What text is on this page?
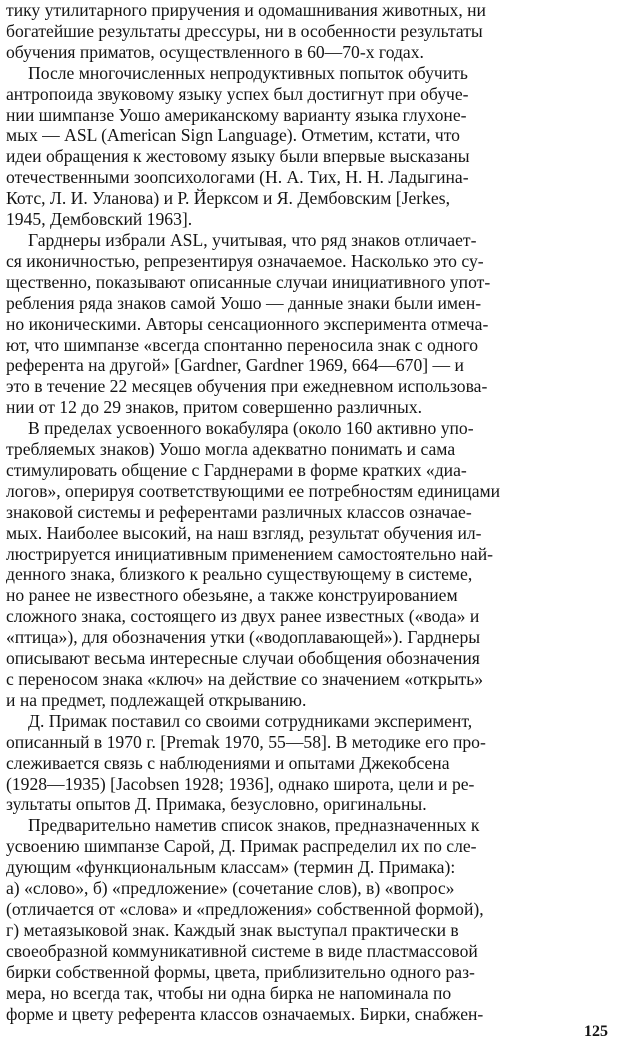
тику утилитарного приручения и одомашнивания животных, ни
богатейшие результаты дрессуры, ни в особенности результаты
обучения приматов, осуществленного в 60—70-х годах.
После многочисленных непродуктивных попыток обучить
антропоида звуковому языку успех был достигнут при обуче-
нии шимпанзе Уошо американскому варианту языка глухоне-
мых — ASL (American Sign Language). Отметим, кстати, что
идеи обращения к жестовому языку были впервые высказаны
отечественными зоопсихологами (Н. А. Тих, Н. Н. Ладыгина-
Котс, Л. И. Уланова) и Р. Йерксом и Я. Дембовским [Jerkes,
1945, Дембовский 1963].
Гарднеры избрали ASL, учитывая, что ряд знаков отличает-
ся иконичностью, репрезентируя означаемое. Насколько это су-
щественно, показывают описанные случаи инициативного упот-
ребления ряда знаков самой Уошо — данные знаки были имен-
но иконическими. Авторы сенсационного эксперимента отмеча-
ют, что шимпанзе «всегда спонтанно переносила знак с одного
референта на другой» [Gardner, Gardner 1969, 664—670] — и
это в течение 22 месяцев обучения при ежедневном использова-
нии от 12 до 29 знаков, притом совершенно различных.
В пределах усвоенного вокабуляра (около 160 активно упо-
требляемых знаков) Уошо могла адекватно понимать и сама
стимулировать общение с Гарднерами в форме кратких «диа-
логов», оперируя соответствующими ее потребностям единицами
знаковой системы и референтами различных классов означае-
мых. Наиболее высокий, на наш взгляд, результат обучения ил-
люстрируется инициативным применением самостоятельно най-
денного знака, близкого к реально существующему в системе,
но ранее не известного обезьяне, а также конструированием
сложного знака, состоящего из двух ранее известных («вода» и
«птица»), для обозначения утки («водоплавающей»). Гарднеры
описывают весьма интересные случаи обобщения обозначения
с переносом знака «ключ» на действие со значением «открыть»
и на предмет, подлежащей открыванию.
Д. Примак поставил со своими сотрудниками эксперимент,
описанный в 1970 г. [Premak 1970, 55—58]. В методике его про-
слеживается связь с наблюдениями и опытами Джекобсена
(1928—1935) [Jacobsen 1928; 1936], однако широта, цели и ре-
зультаты опытов Д. Примака, безусловно, оригинальны.
Предварительно наметив список знаков, предназначенных к
усвоению шимпанзе Сарой, Д. Примак распределил их по сле-
дующим «функциональным классам» (термин Д. Примака):
а) «слово», б) «предложение» (сочетание слов), в) «вопрос»
(отличается от «слова» и «предложения» собственной формой),
г) метаязыковой знак. Каждый знак выступал практически в
своеобразной коммуникативной системе в виде пластмассовой
бирки собственной формы, цвета, приблизительно одного раз-
мера, но всегда так, чтобы ни одна бирка не напоминала по
форме и цвету референта классов означаемых. Бирки, снабжен-
125
